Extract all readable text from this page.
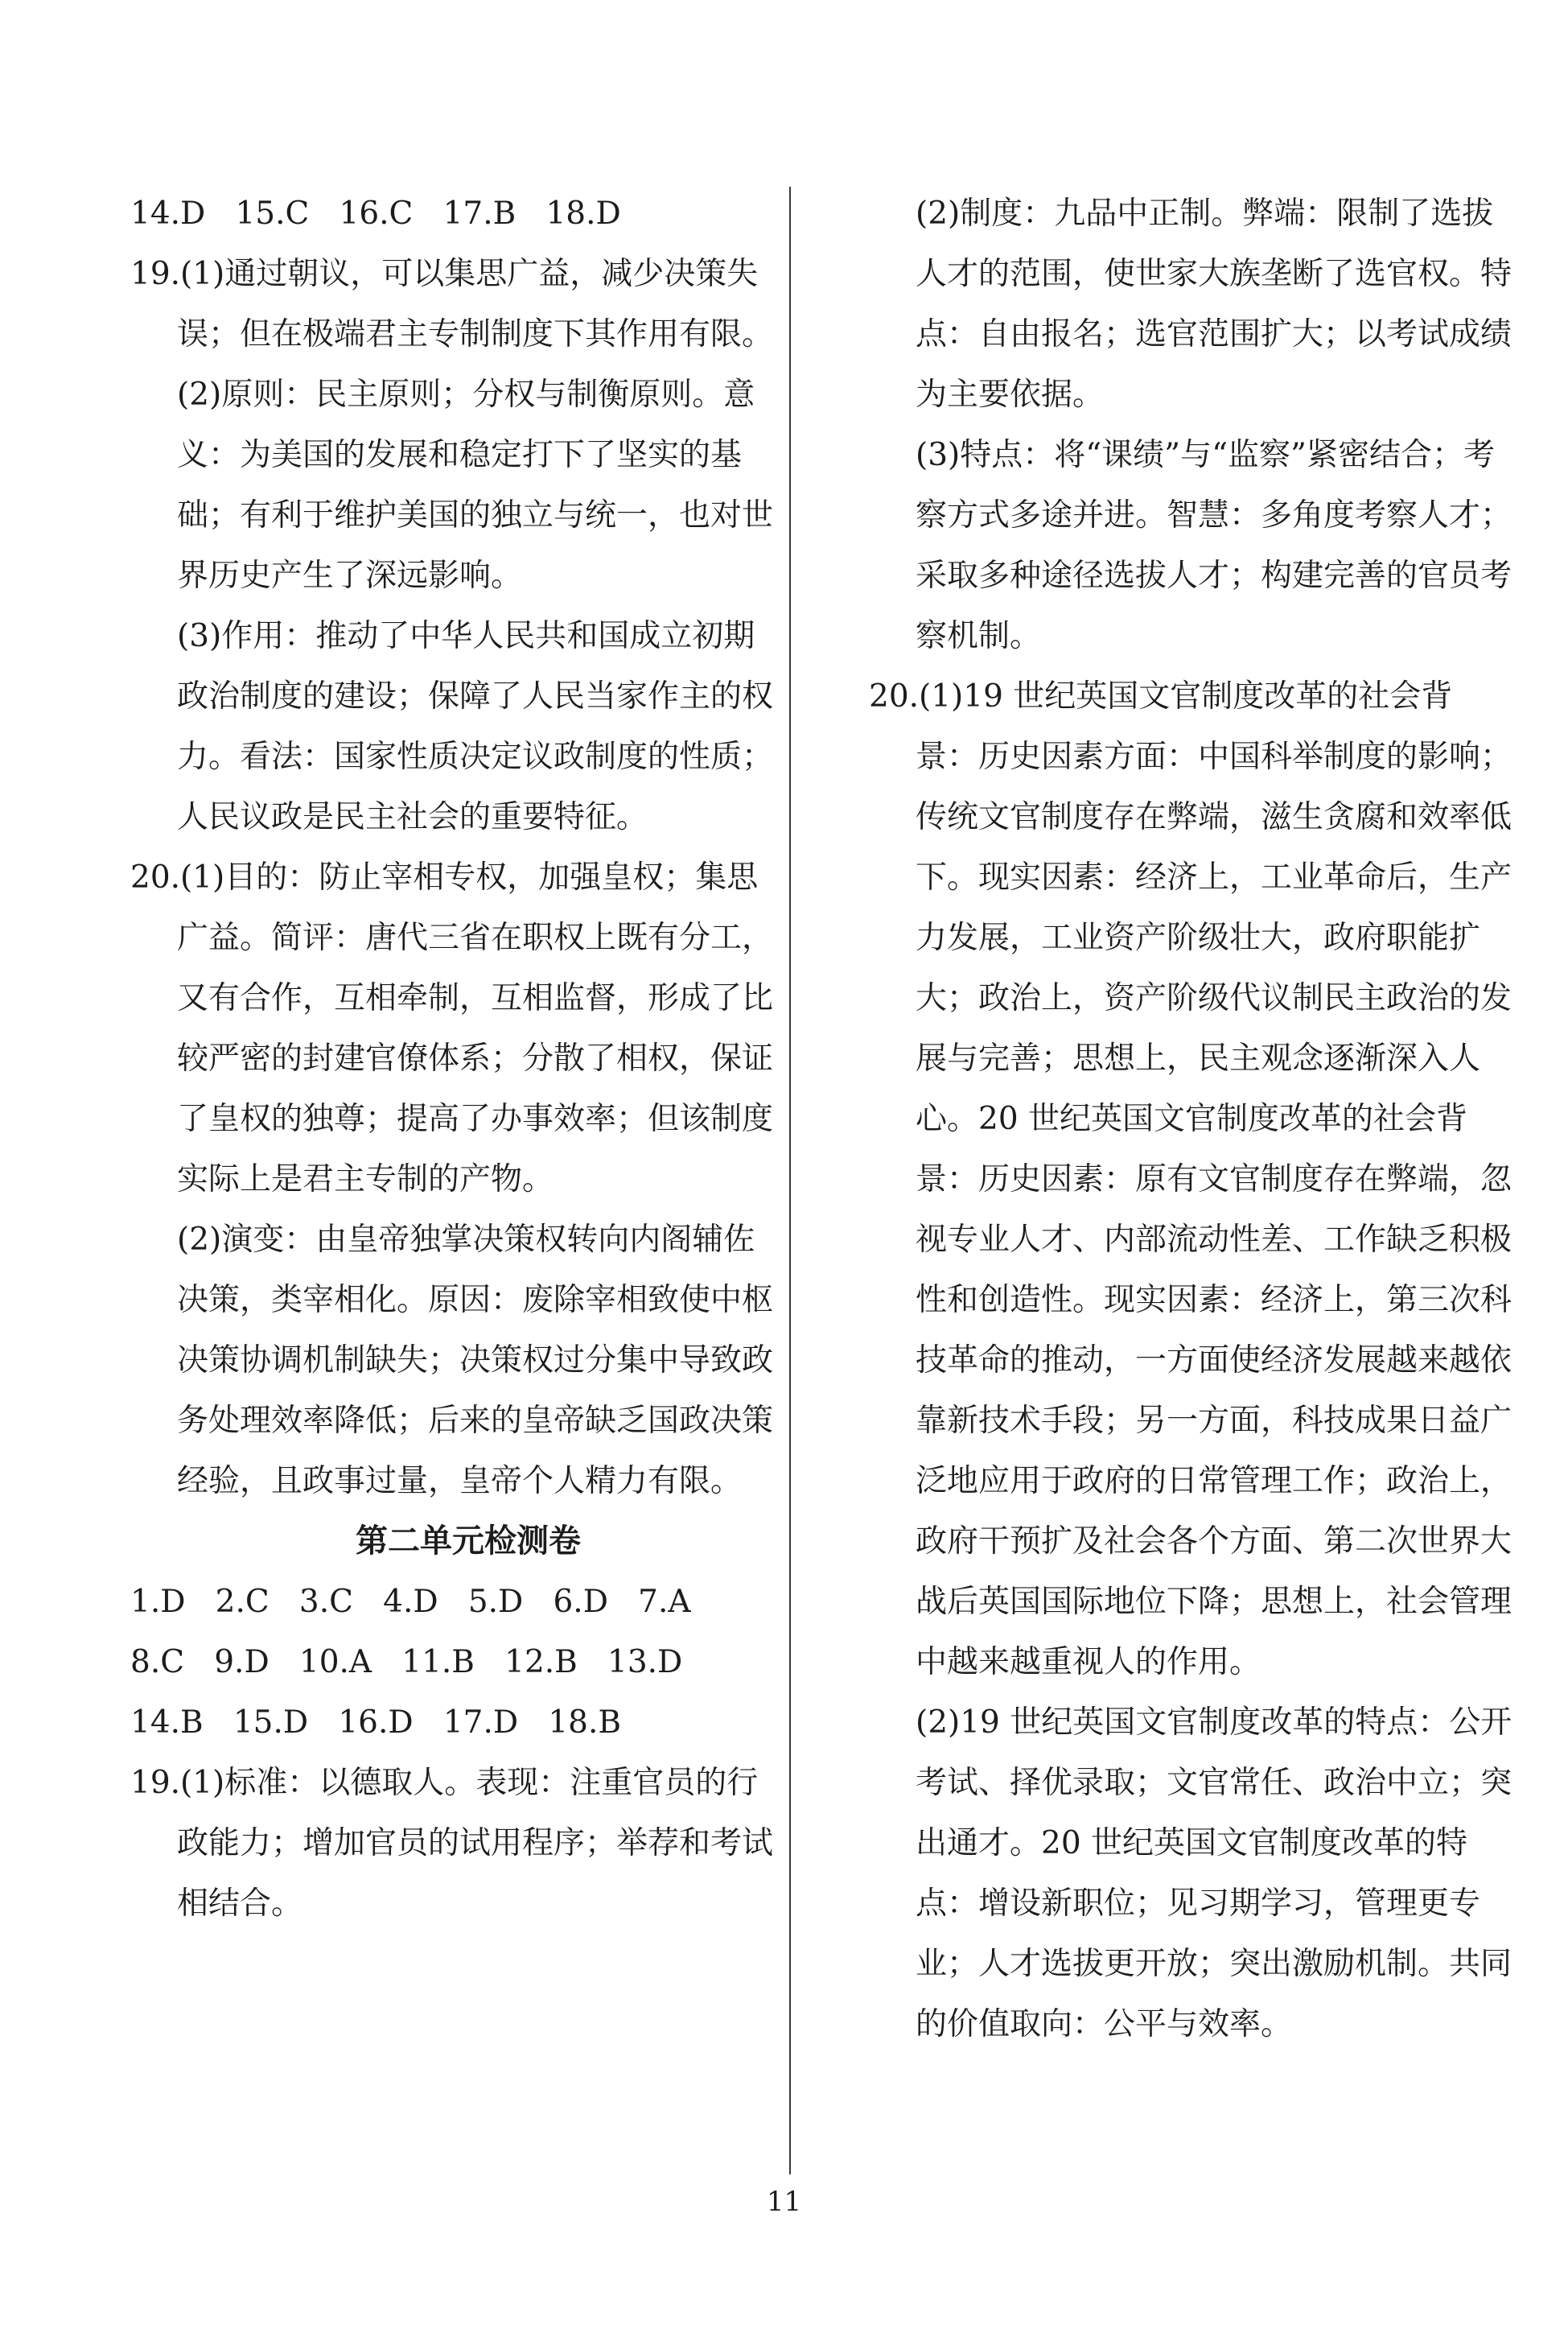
14.D   15.C   16.C   17.B   18.D

19.(1)通过朝议，可以集思广益，减少决策失误；但在极端君主专制制度下其作用有限。

(2)原则：民主原则；分权与制衡原则。意义：为美国的发展和稳定打下了坚实的基础；有利于维护美国的独立与统一，也对世界历史产生了深远影响。

(3)作用：推动了中华人民共和国成立初期政治制度的建设；保障了人民当家作主的权力。看法：国家性质决定议政制度的性质；人民议政是民主社会的重要特征。

20.(1)目的：防止宰相专权，加强皇权；集思广益。简评：唐代三省在职权上既有分工，又有合作，互相牵制，互相监督，形成了比较严密的封建官僚体系；分散了相权，保证了皇权的独尊；提高了办事效率；但该制度实际上是君主专制的产物。

(2)演变：由皇帝独掌决策权转向内阁辅佐决策，类宰相化。原因：废除宰相致使中枢决策协调机制缺失；决策权过分集中导致政务处理效率降低；后来的皇帝缺乏国政决策经验，且政事过量，皇帝个人精力有限。

第二单元检测卷

1.D   2.C   3.C   4.D   5.D   6.D   7.A

8.C   9.D   10.A   11.B   12.B   13.D

14.B   15.D   16.D   17.D   18.B

19.(1)标准：以德取人。表现：注重官员的行政能力；增加官员的试用程序；举荐和考试相结合。

(2)制度：九品中正制。弊端：限制了选拔人才的范围，使世家大族垄断了选官权。特点：自由报名；选官范围扩大；以考试成绩为主要依据。

(3)特点：将“课绩”与“监察”紧密结合；考察方式多途并进。智慧：多角度考察人才；采取多种途径选拔人才；构建完善的官员考察机制。

20.(1)19 世纪英国文官制度改革的社会背景：历史因素方面：中国科举制度的影响；传统文官制度存在弊端，滋生贪腐和效率低下。现实因素：经济上，工业革命后，生产力发展，工业资产阶级壮大，政府职能扩大；政治上，资产阶级代议制民主政治的发展与完善；思想上，民主观念逐渐深入人心。20 世纪英国文官制度改革的社会背景：历史因素：原有文官制度存在弊端，忽视专业人才、内部流动性差、工作缺乏积极性和创造性。现实因素：经济上，第三次科技革命的推动，一方面使经济发展越来越依靠新技术手段；另一方面，科技成果日益广泛地应用于政府的日常管理工作；政治上，政府干预扩及社会各个方面、第二次世界大战后英国国际地位下降；思想上，社会管理中越来越重视人的作用。

(2)19 世纪英国文官制度改革的特点：公开考试、择优录取；文官常任、政治中立；突出通才。20 世纪英国文官制度改革的特点：增设新职位；见习期学习，管理更专业；人才选拔更开放；突出激励机制。共同的价值取向：公平与效率。

11
